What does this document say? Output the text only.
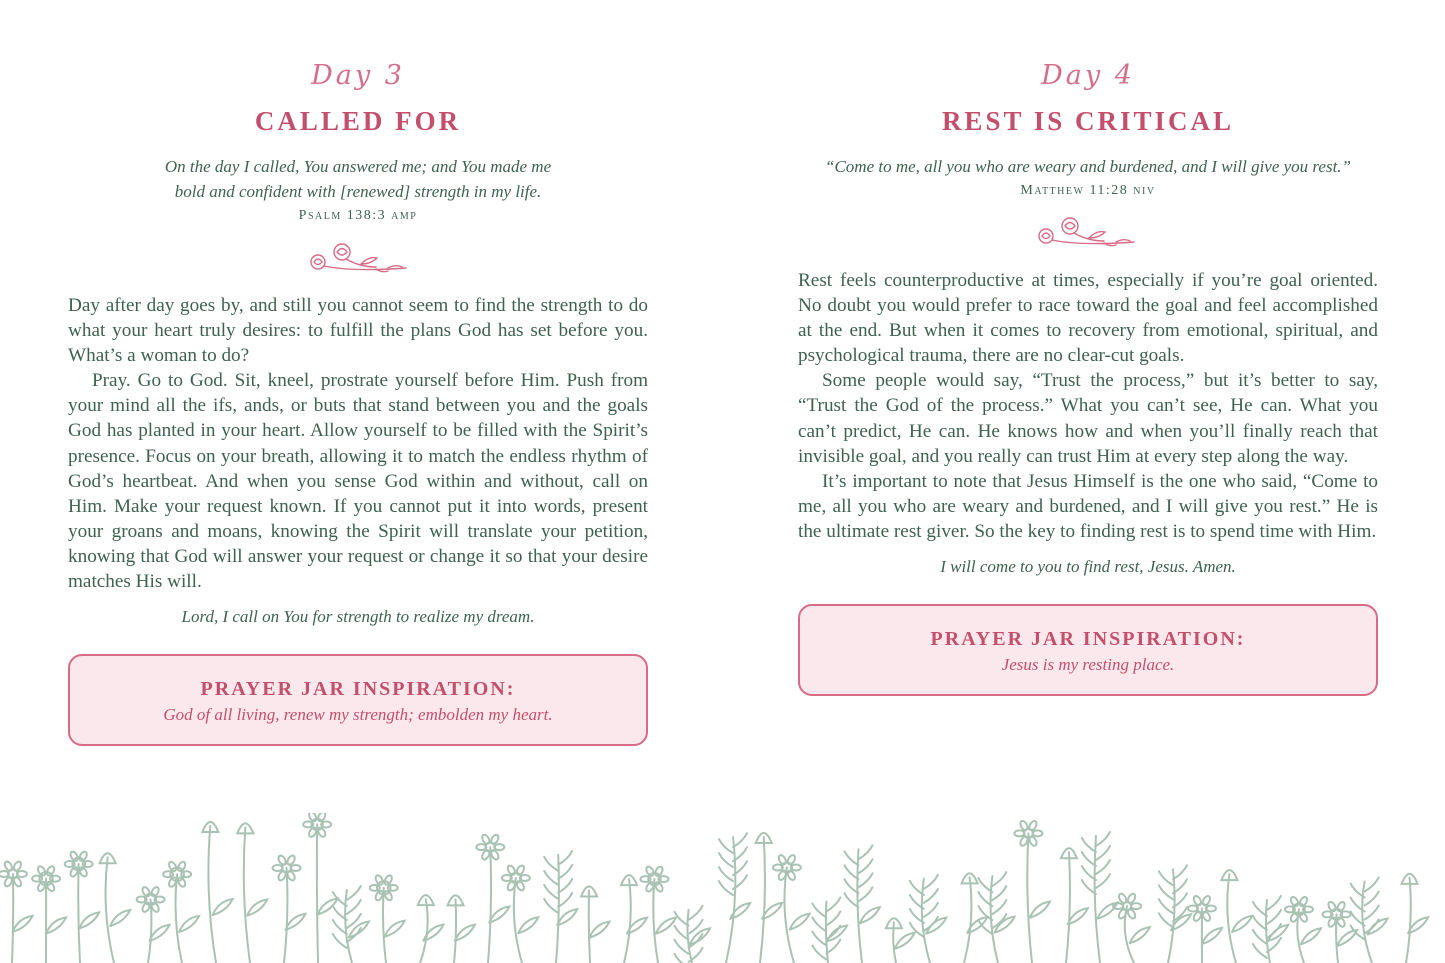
Day 3
CALLED FOR
On the day I called, You answered me; and You made me
bold and confident with [renewed] strength in my life.
Psalm 138:3 amp

Day after day goes by, and still you cannot seem to find the strength to do what your heart truly desires: to fulfill the plans God has set before you. What’s a woman to do?

Pray. Go to God. Sit, kneel, prostrate yourself before Him. Push from your mind all the ifs, ands, or buts that stand between you and the goals God has planted in your heart. Allow yourself to be filled with the Spirit’s presence. Focus on your breath, allowing it to match the endless rhythm of God’s heartbeat. And when you sense God within and without, call on Him. Make your request known. If you cannot put it into words, present your groans and moans, knowing the Spirit will translate your petition, knowing that God will answer your request or change it so that your desire matches His will.

Lord, I call on You for strength to realize my dream.
PRAYER JAR INSPIRATION:
God of all living, renew my strength; embolden my heart.
Day 4
REST IS CRITICAL
“Come to me, all you who are weary and burdened, and I will give you rest.”
Matthew 11:28 niv

Rest feels counterproductive at times, especially if you’re goal oriented. No doubt you would prefer to race toward the goal and feel accomplished at the end. But when it comes to recovery from emotional, spiritual, and psychological trauma, there are no clear-cut goals.

Some people would say, “Trust the process,” but it’s better to say, “Trust the God of the process.” What you can’t see, He can. What you can’t predict, He can. He knows how and when you’ll finally reach that invisible goal, and you really can trust Him at every step along the way.

It’s important to note that Jesus Himself is the one who said, “Come to me, all you who are weary and burdened, and I will give you rest.” He is the ultimate rest giver. So the key to finding rest is to spend time with Him.

I will come to you to find rest, Jesus. Amen.
PRAYER JAR INSPIRATION:
Jesus is my resting place.
